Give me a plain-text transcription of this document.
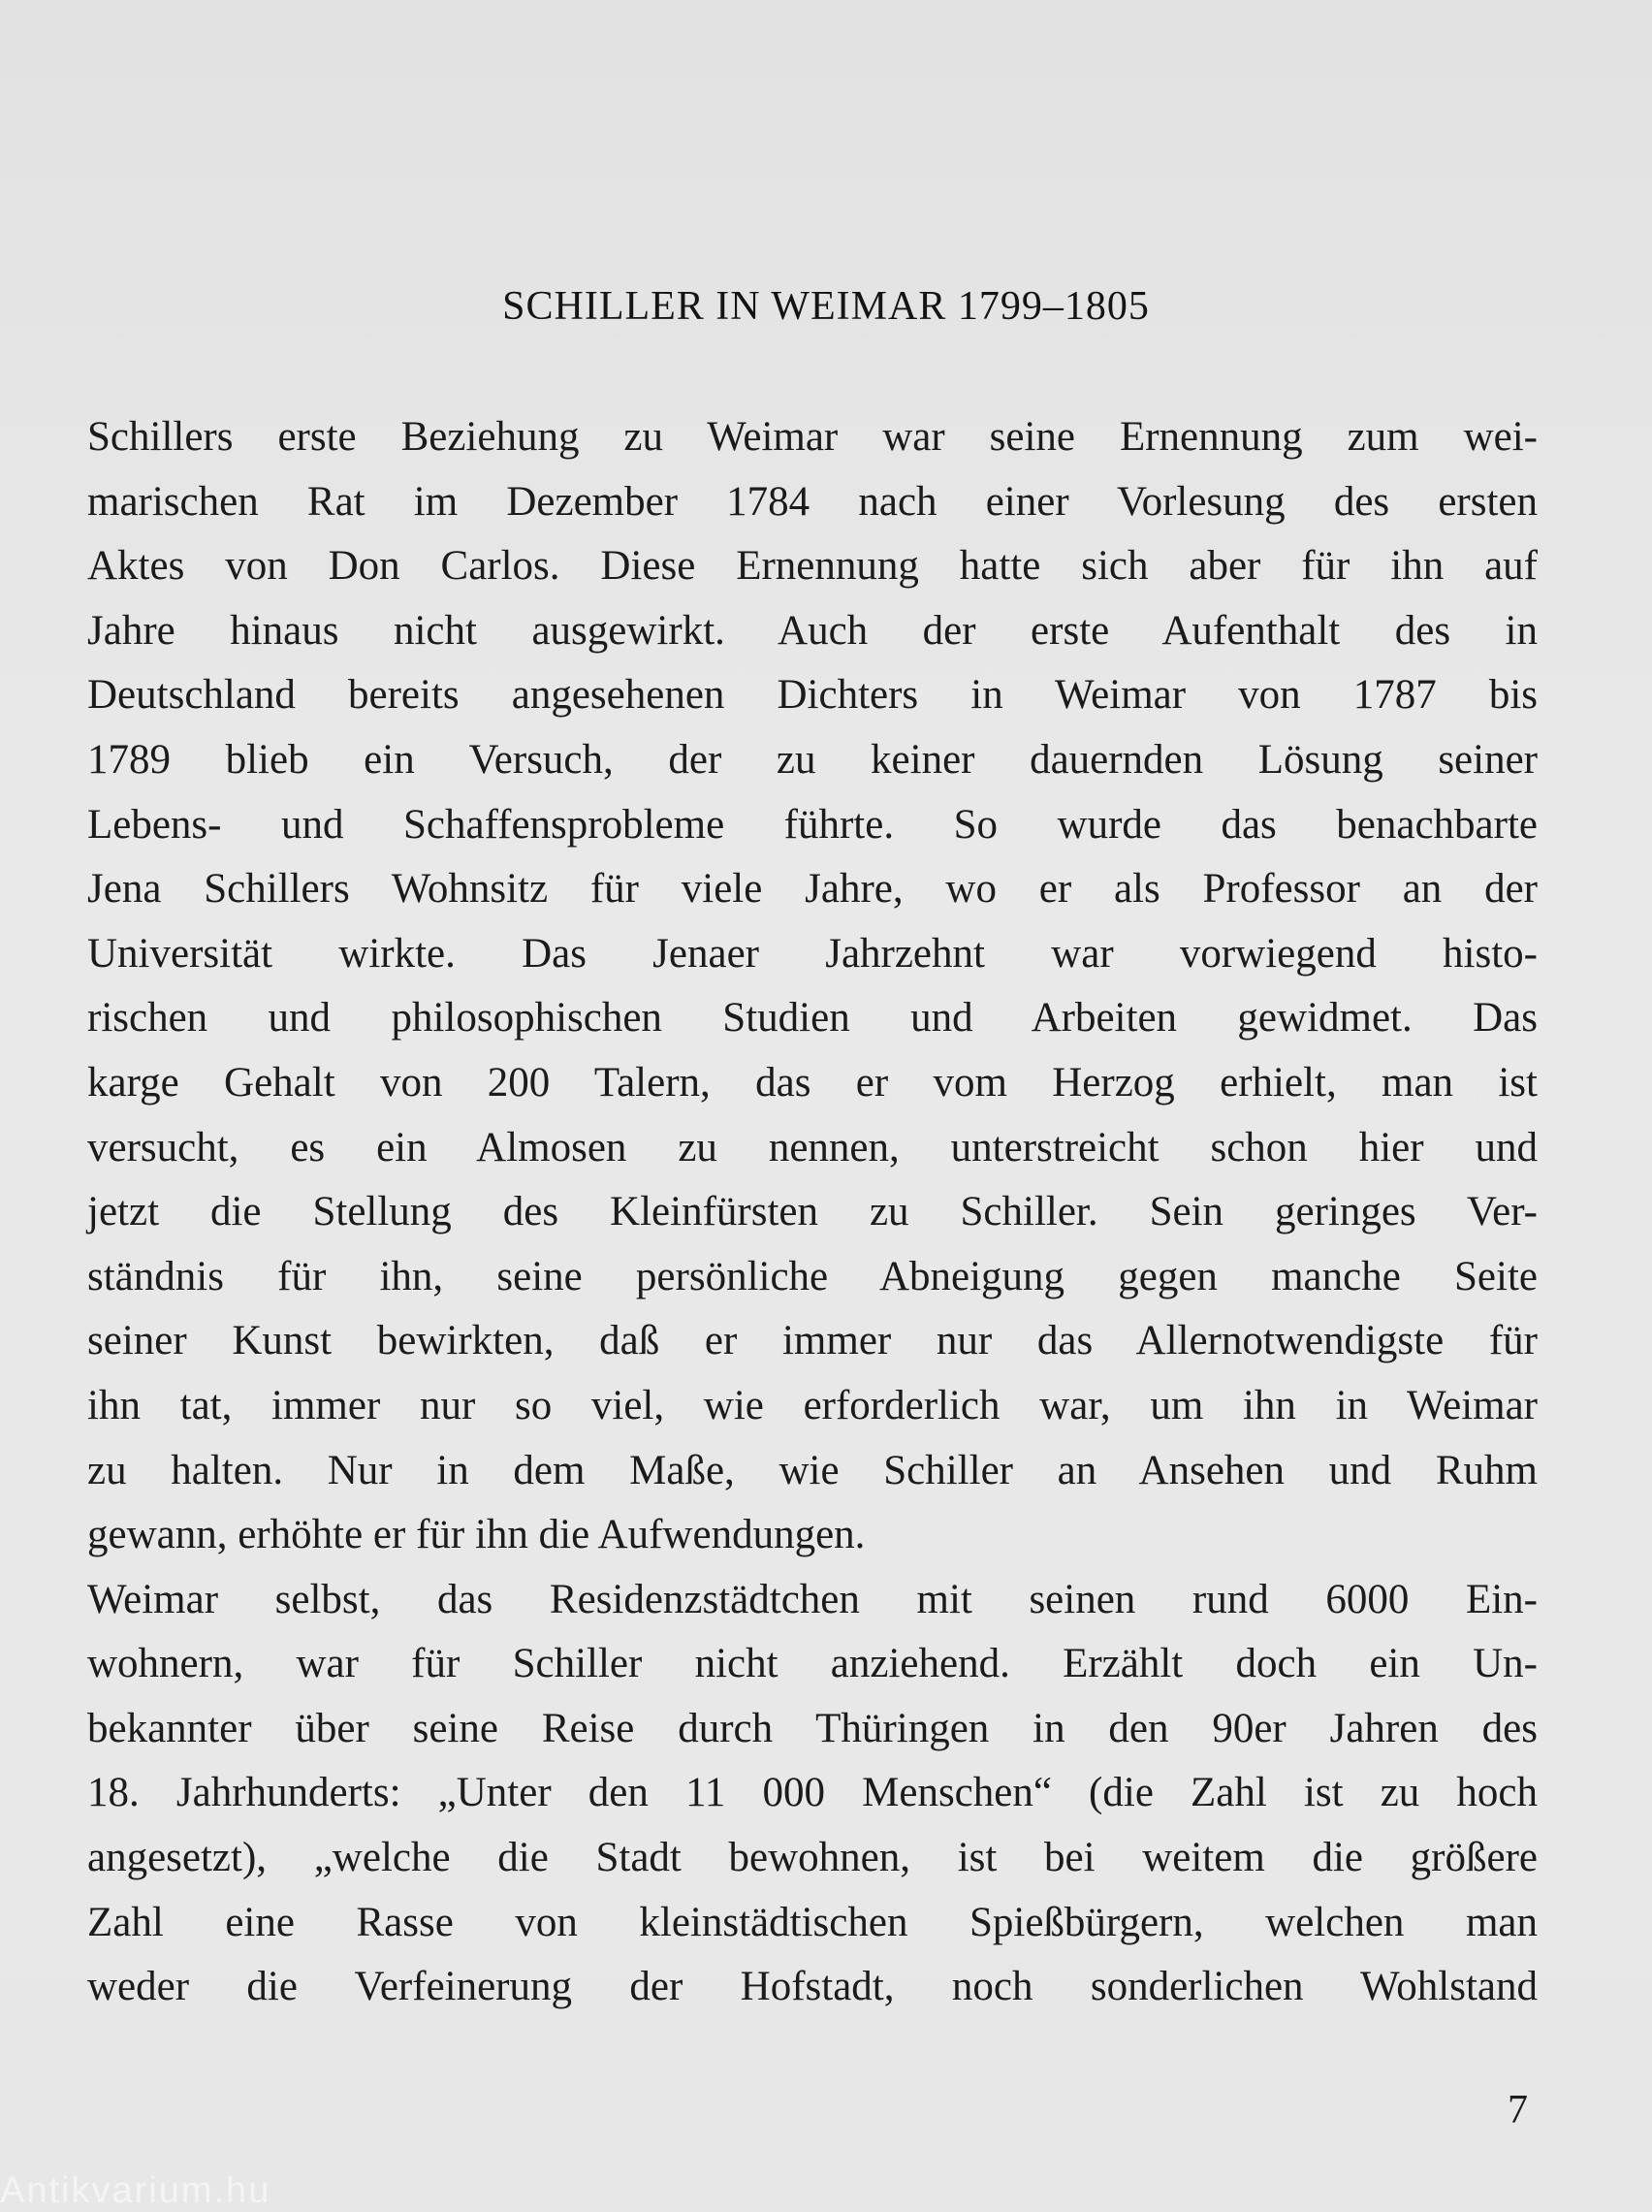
SCHILLER IN WEIMAR 1799–1805
Schillers erste Beziehung zu Weimar war seine Ernennung zum wei-
marischen Rat im Dezember 1784 nach einer Vorlesung des ersten
Aktes von Don Carlos. Diese Ernennung hatte sich aber für ihn auf
Jahre hinaus nicht ausgewirkt. Auch der erste Aufenthalt des in
Deutschland bereits angesehenen Dichters in Weimar von 1787 bis
1789 blieb ein Versuch, der zu keiner dauernden Lösung seiner
Lebens- und Schaffensprobleme führte. So wurde das benachbarte
Jena Schillers Wohnsitz für viele Jahre, wo er als Professor an der
Universität wirkte. Das Jenaer Jahrzehnt war vorwiegend histo-
rischen und philosophischen Studien und Arbeiten gewidmet. Das
karge Gehalt von 200 Talern, das er vom Herzog erhielt, man ist
versucht, es ein Almosen zu nennen, unterstreicht schon hier und
jetzt die Stellung des Kleinfürsten zu Schiller. Sein geringes Ver-
ständnis für ihn, seine persönliche Abneigung gegen manche Seite
seiner Kunst bewirkten, daß er immer nur das Allernotwendigste für
ihn tat, immer nur so viel, wie erforderlich war, um ihn in Weimar
zu halten. Nur in dem Maße, wie Schiller an Ansehen und Ruhm
gewann, erhöhte er für ihn die Aufwendungen.
Weimar selbst, das Residenzstädtchen mit seinen rund 6000 Ein-
wohnern, war für Schiller nicht anziehend. Erzählt doch ein Un-
bekannter über seine Reise durch Thüringen in den 90er Jahren des
18. Jahrhunderts: „Unter den 11 000 Menschen“ (die Zahl ist zu hoch
angesetzt), „welche die Stadt bewohnen, ist bei weitem die größere
Zahl eine Rasse von kleinstädtischen Spießbürgern, welchen man
weder die Verfeinerung der Hofstadt, noch sonderlichen Wohlstand
7
Antikvarium.hu
